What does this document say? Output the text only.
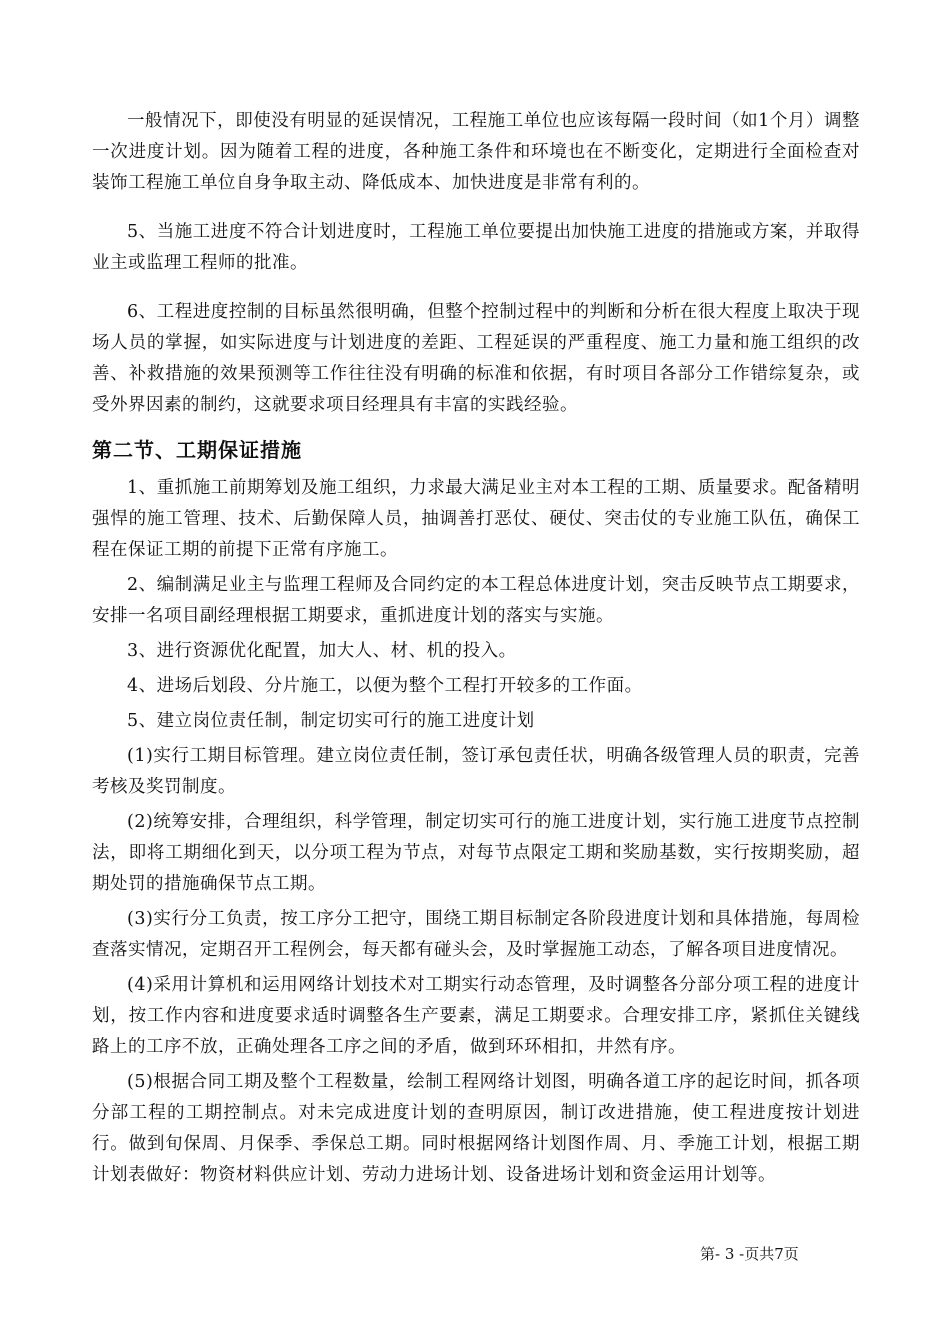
一般情况下，即使没有明显的延误情况，工程施工单位也应该每隔一段时间（如1个月）调整一次进度计划。因为随着工程的进度，各种施工条件和环境也在不断变化，定期进行全面检查对装饰工程施工单位自身争取主动、降低成本、加快进度是非常有利的。

5、当施工进度不符合计划进度时，工程施工单位要提出加快施工进度的措施或方案，并取得业主或监理工程师的批准。

6、工程进度控制的目标虽然很明确，但整个控制过程中的判断和分析在很大程度上取决于现场人员的掌握，如实际进度与计划进度的差距、工程延误的严重程度、施工力量和施工组织的改善、补救措施的效果预测等工作往往没有明确的标准和依据，有时项目各部分工作错综复杂，或受外界因素的制约，这就要求项目经理具有丰富的实践经验。

第二节、工期保证措施

1、重抓施工前期筹划及施工组织，力求最大满足业主对本工程的工期、质量要求。配备精明强悍的施工管理、技术、后勤保障人员，抽调善打恶仗、硬仗、突击仗的专业施工队伍，确保工程在保证工期的前提下正常有序施工。

2、编制满足业主与监理工程师及合同约定的本工程总体进度计划，突击反映节点工期要求，安排一名项目副经理根据工期要求，重抓进度计划的落实与实施。

3、进行资源优化配置，加大人、材、机的投入。

4、进场后划段、分片施工，以便为整个工程打开较多的工作面。

5、建立岗位责任制，制定切实可行的施工进度计划

(1)实行工期目标管理。建立岗位责任制，签订承包责任状，明确各级管理人员的职责，完善考核及奖罚制度。

(2)统筹安排，合理组织，科学管理，制定切实可行的施工进度计划，实行施工进度节点控制法，即将工期细化到天，以分项工程为节点，对每节点限定工期和奖励基数，实行按期奖励，超期处罚的措施确保节点工期。

(3)实行分工负责，按工序分工把守，围绕工期目标制定各阶段进度计划和具体措施，每周检查落实情况，定期召开工程例会，每天都有碰头会，及时掌握施工动态，了解各项目进度情况。

(4)采用计算机和运用网络计划技术对工期实行动态管理，及时调整各分部分项工程的进度计划，按工作内容和进度要求适时调整各生产要素，满足工期要求。合理安排工序，紧抓住关键线路上的工序不放，正确处理各工序之间的矛盾，做到环环相扣，井然有序。

(5)根据合同工期及整个工程数量，绘制工程网络计划图，明确各道工序的起讫时间，抓各项分部工程的工期控制点。对未完成进度计划的查明原因，制订改进措施，使工程进度按计划进行。做到旬保周、月保季、季保总工期。同时根据网络计划图作周、月、季施工计划，根据工期计划表做好：物资材料供应计划、劳动力进场计划、设备进场计划和资金运用计划等。

第- 3 -页共7页
